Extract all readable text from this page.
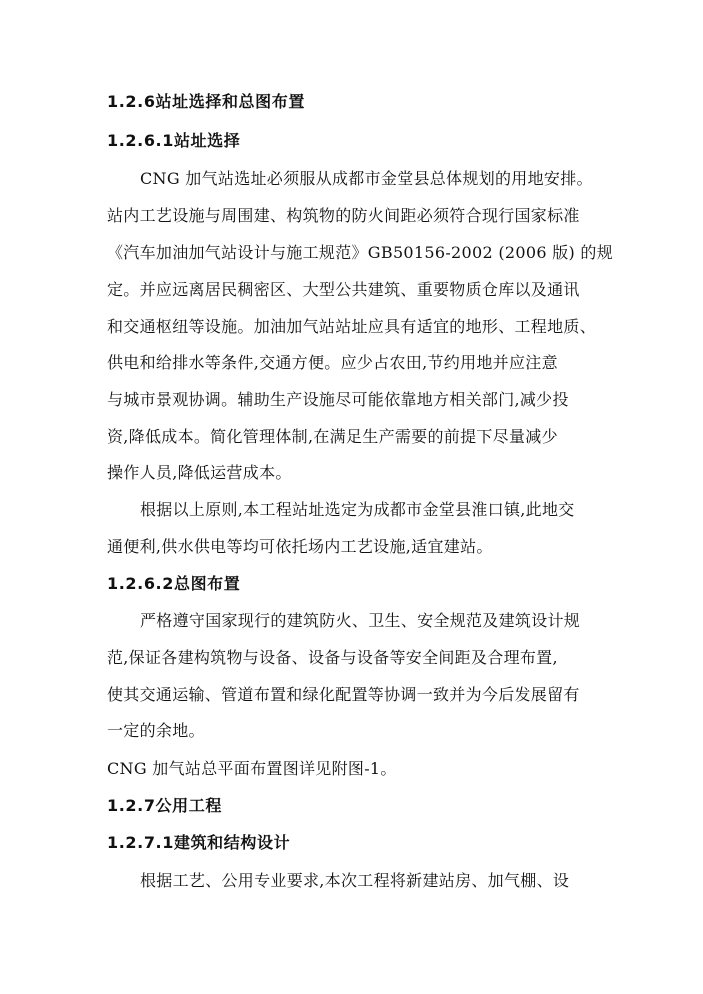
1.2.6站址选择和总图布置
1.2.6.1站址选择
CNG 加气站选址必须服从成都市金堂县总体规划的用地安排。
站内工艺设施与周围建、构筑物的防火间距必须符合现行国家标准
《汽车加油加气站设计与施工规范》GB50156-2002 (2006 版) 的规
定。并应远离居民稠密区、大型公共建筑、重要物质仓库以及通讯
和交通枢纽等设施。加油加气站站址应具有适宜的地形、工程地质、
供电和给排水等条件,交通方便。应少占农田,节约用地并应注意
与城市景观协调。辅助生产设施尽可能依靠地方相关部门,减少投
资,降低成本。简化管理体制,在满足生产需要的前提下尽量减少
操作人员,降低运营成本。
根据以上原则,本工程站址选定为成都市金堂县淮口镇,此地交
通便利,供水供电等均可依托场内工艺设施,适宜建站。
1.2.6.2总图布置
严格遵守国家现行的建筑防火、卫生、安全规范及建筑设计规
范,保证各建构筑物与设备、设备与设备等安全间距及合理布置,
使其交通运输、管道布置和绿化配置等协调一致并为今后发展留有
一定的余地。
CNG 加气站总平面布置图详见附图-1。
1.2.7公用工程
1.2.7.1建筑和结构设计
根据工艺、公用专业要求,本次工程将新建站房、加气棚、设
